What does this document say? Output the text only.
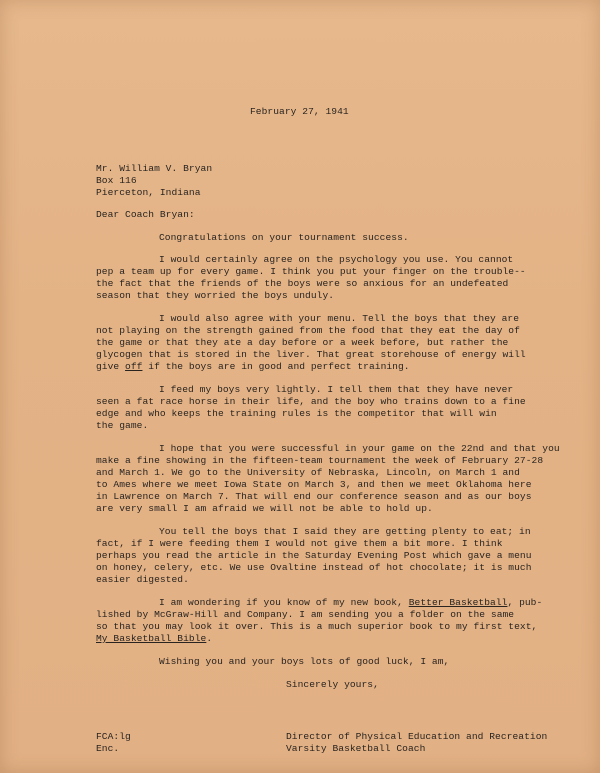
February 27, 1941
Mr. William V. Bryan
Box 116
Pierceton, Indiana
Dear Coach Bryan:
Congratulations on your tournament success.
I would certainly agree on the psychology you use. You cannot
pep a team up for every game. I think you put your finger on the trouble--
the fact that the friends of the boys were so anxious for an undefeated
season that they worried the boys unduly.
I would also agree with your menu. Tell the boys that they are
not playing on the strength gained from the food that they eat the day of
the game or that they ate a day before or a week before, but rather the
glycogen that is stored in the liver. That great storehouse of energy will
give off if the boys are in good and perfect training.
I feed my boys very lightly. I tell them that they have never
seen a fat race horse in their life, and the boy who trains down to a fine
edge and who keeps the training rules is the competitor that will win
the game.
I hope that you were successful in your game on the 22nd and that you
make a fine showing in the fifteen-team tournament the week of February 27-28
and March 1. We go to the University of Nebraska, Lincoln, on March 1 and
to Ames where we meet Iowa State on March 3, and then we meet Oklahoma here
in Lawrence on March 7. That will end our conference season and as our boys
are very small I am afraid we will not be able to hold up.
You tell the boys that I said they are getting plenty to eat; in
fact, if I were feeding them I would not give them a bit more. I think
perhaps you read the article in the Saturday Evening Post which gave a menu
on honey, celery, etc. We use Ovaltine instead of hot chocolate; it is much
easier digested.
I am wondering if you know of my new book, Better Basketball, pub-
lished by McGraw-Hill and Company. I am sending you a folder on the same
so that you may look it over. This is a much superior book to my first text,
My Basketball Bible.
Wishing you and your boys lots of good luck, I am,
Sincerely yours,
FCA:lg
Enc.
Director of Physical Education and Recreation
Varsity Basketball Coach
